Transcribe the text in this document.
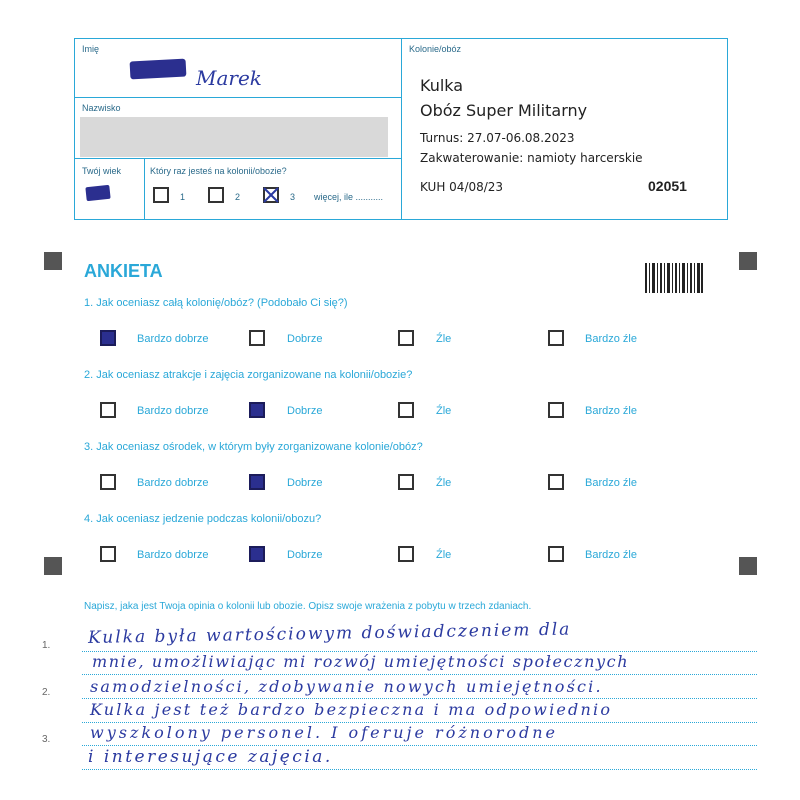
Imię
Marek
Nazwisko
Twój wiek	Który raz jesteś na kolonii/obozie?
1	2	3 więcej, ile ...........
Kolonie/obóz
Kulka
Obóz Super Militarny
Turnus: 27.07-06.08.2023
Zakwaterowanie: namioty harcerskie
KUH 04/08/23	02051
ANKIETA
1. Jak oceniasz całą kolonię/obóz? (Podobało Ci się?)
Bardzo dobrze	Dobrze	Źle	Bardzo źle
2. Jak oceniasz atrakcje i zajęcia zorganizowane na kolonii/obozie?
Bardzo dobrze	Dobrze	Źle	Bardzo źle
3. Jak oceniasz ośrodek, w którym były zorganizowane kolonie/obóz?
Bardzo dobrze	Dobrze	Źle	Bardzo źle
4. Jak oceniasz jedzenie podczas kolonii/obozu?
Bardzo dobrze	Dobrze	Źle	Bardzo źle
Napisz, jaka jest Twoja opinia o kolonii lub obozie. Opisz swoje wrażenia z pobytu w trzech zdaniach.
1.
2.
3.
Kulka była wartościowym doświadczeniem dla
mnie, umożliwiając mi rozwój umiejętności społecznych
samodzielności, zdobywanie nowych umiejętności.
Kulka jest też bardzo bezpieczna i ma odpowiednio
wyszkolony personel. I oferuje różnorodne
i interesujące zajęcia.
